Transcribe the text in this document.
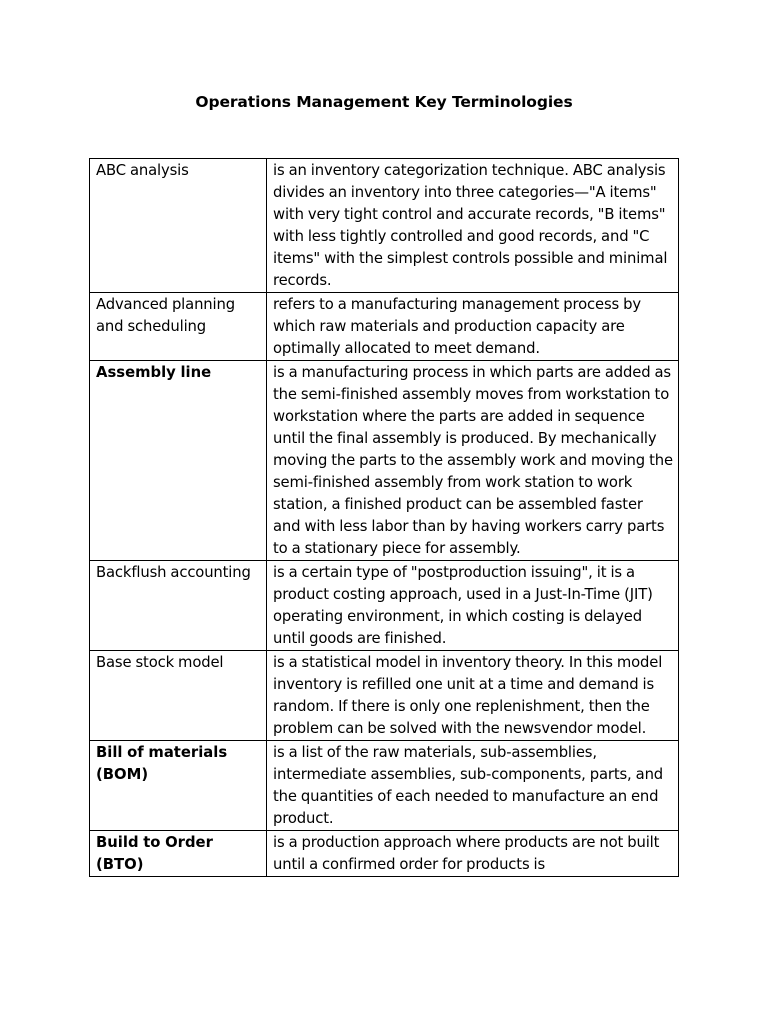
Operations Management Key Terminologies
ABC analysis	is an inventory categorization technique. ABC analysis divides an inventory into three categories—"A items" with very tight control and accurate records, "B items" with less tightly controlled and good records, and "C items" with the simplest controls possible and minimal records.

Advanced planning and scheduling	refers to a manufacturing management process by which raw materials and production capacity are optimally allocated to meet demand.

Assembly line	is a manufacturing process in which parts are added as the semi-finished assembly moves from workstation to workstation where the parts are added in sequence until the final assembly is produced. By mechanically moving the parts to the assembly work and moving the semi-finished assembly from work station to work station, a finished product can be assembled faster and with less labor than by having workers carry parts to a stationary piece for assembly.

Backflush accounting	is a certain type of "postproduction issuing", it is a product costing approach, used in a Just-In-Time (JIT) operating environment, in which costing is delayed until goods are finished.

Base stock model	is a statistical model in inventory theory. In this model inventory is refilled one unit at a time and demand is random. If there is only one replenishment, then the problem can be solved with the newsvendor model.

Bill of materials (BOM)	is a list of the raw materials, sub-assemblies, intermediate assemblies, sub-components, parts, and the quantities of each needed to manufacture an end product.

Build to Order (BTO)	is a production approach where products are not built until a confirmed order for products is
